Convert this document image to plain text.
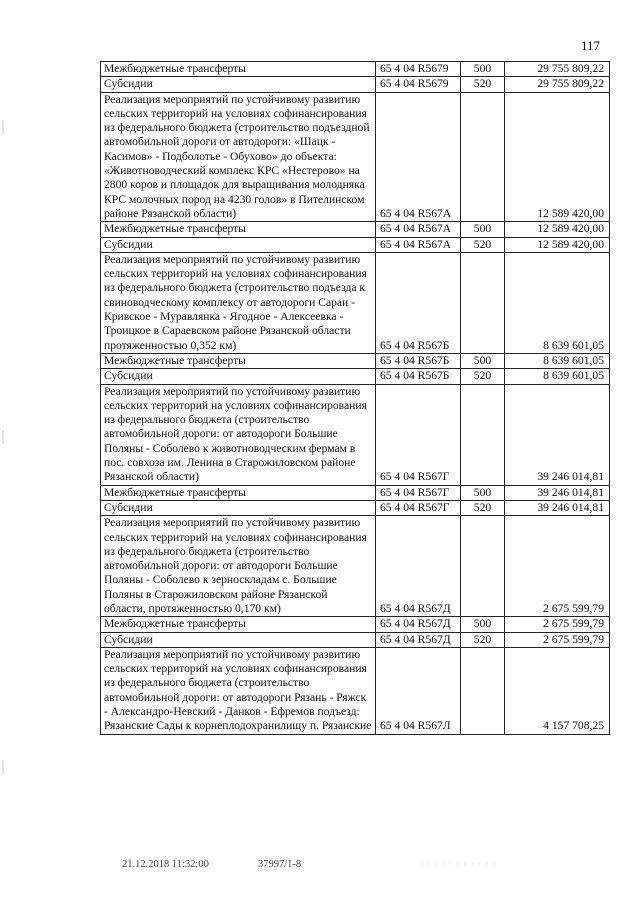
117
Межбюджетные трансферты	65 4 04 R5679	500	29 755 809,22
Субсидии	65 4 04 R5679	520	29 755 809,22
Реализация мероприятий по устойчивому развитию сельских территорий на условиях софинансирования из федерального бюджета (строительство подъездной автомобильной дороги от автодороги: «Шацк - Касимов» - Подболотье - Обухово» до объекта: «Животноводческий комплекс КРС «Нестерово» на 2800 коров и площадок для выращивания молодняка КРС молочных пород на 4230 голов» в Пителинском районе Рязанской области)	65 4 04 R567A		12 589 420,00
Межбюджетные трансферты	65 4 04 R567A	500	12 589 420,00
Субсидии	65 4 04 R567A	520	12 589 420,00
Реализация мероприятий по устойчивому развитию сельских территорий на условиях софинансирования из федерального бюджета (строительство подъезда к свиноводческому комплексу от автодороги Сараи - Кривское - Муравлянка - Ягодное - Алексеевка - Троицкое в Сараевском районе Рязанской области протяженностью 0,352 км)	65 4 04 R567Б		8 639 601,05
Межбюджетные трансферты	65 4 04 R567Б	500	8 639 601,05
Субсидии	65 4 04 R567Б	520	8 639 601,05
Реализация мероприятий по устойчивому развитию сельских территорий на условиях софинансирования из федерального бюджета (строительство автомобильной дороги: от автодороги Большие Поляны - Соболево к животноводческим фермам в пос. совхоза им. Ленина в Старожиловском районе Рязанской области)	65 4 04 R567Г		39 246 014,81
Межбюджетные трансферты	65 4 04 R567Г	500	39 246 014,81
Субсидии	65 4 04 R567Г	520	39 246 014,81
Реализация мероприятий по устойчивому развитию сельских территорий на условиях софинансирования из федерального бюджета (строительство автомобильной дороги: от автодороги Большие Поляны - Соболево к зерноскладам с. Большие Поляны в Старожиловском районе Рязанской области, протяженностью 0,170 км)	65 4 04 R567Д		2 675 599,79
Межбюджетные трансферты	65 4 04 R567Д	500	2 675 599,79
Субсидии	65 4 04 R567Д	520	2 675 599,79
Реализация мероприятий по устойчивому развитию сельских территорий на условиях софинансирования из федерального бюджета (строительство автомобильной дороги: от автодороги Рязань - Ряжск - Александро-Невский - Данков - Ефремов подъезд: Рязанские Сады к корнеплодохранилищу п. Рязанские	65 4 04 R567Л		4 157 708,25
21.12.2018 11:32:00	37997/1-8	· · · · · · · · · · ·
